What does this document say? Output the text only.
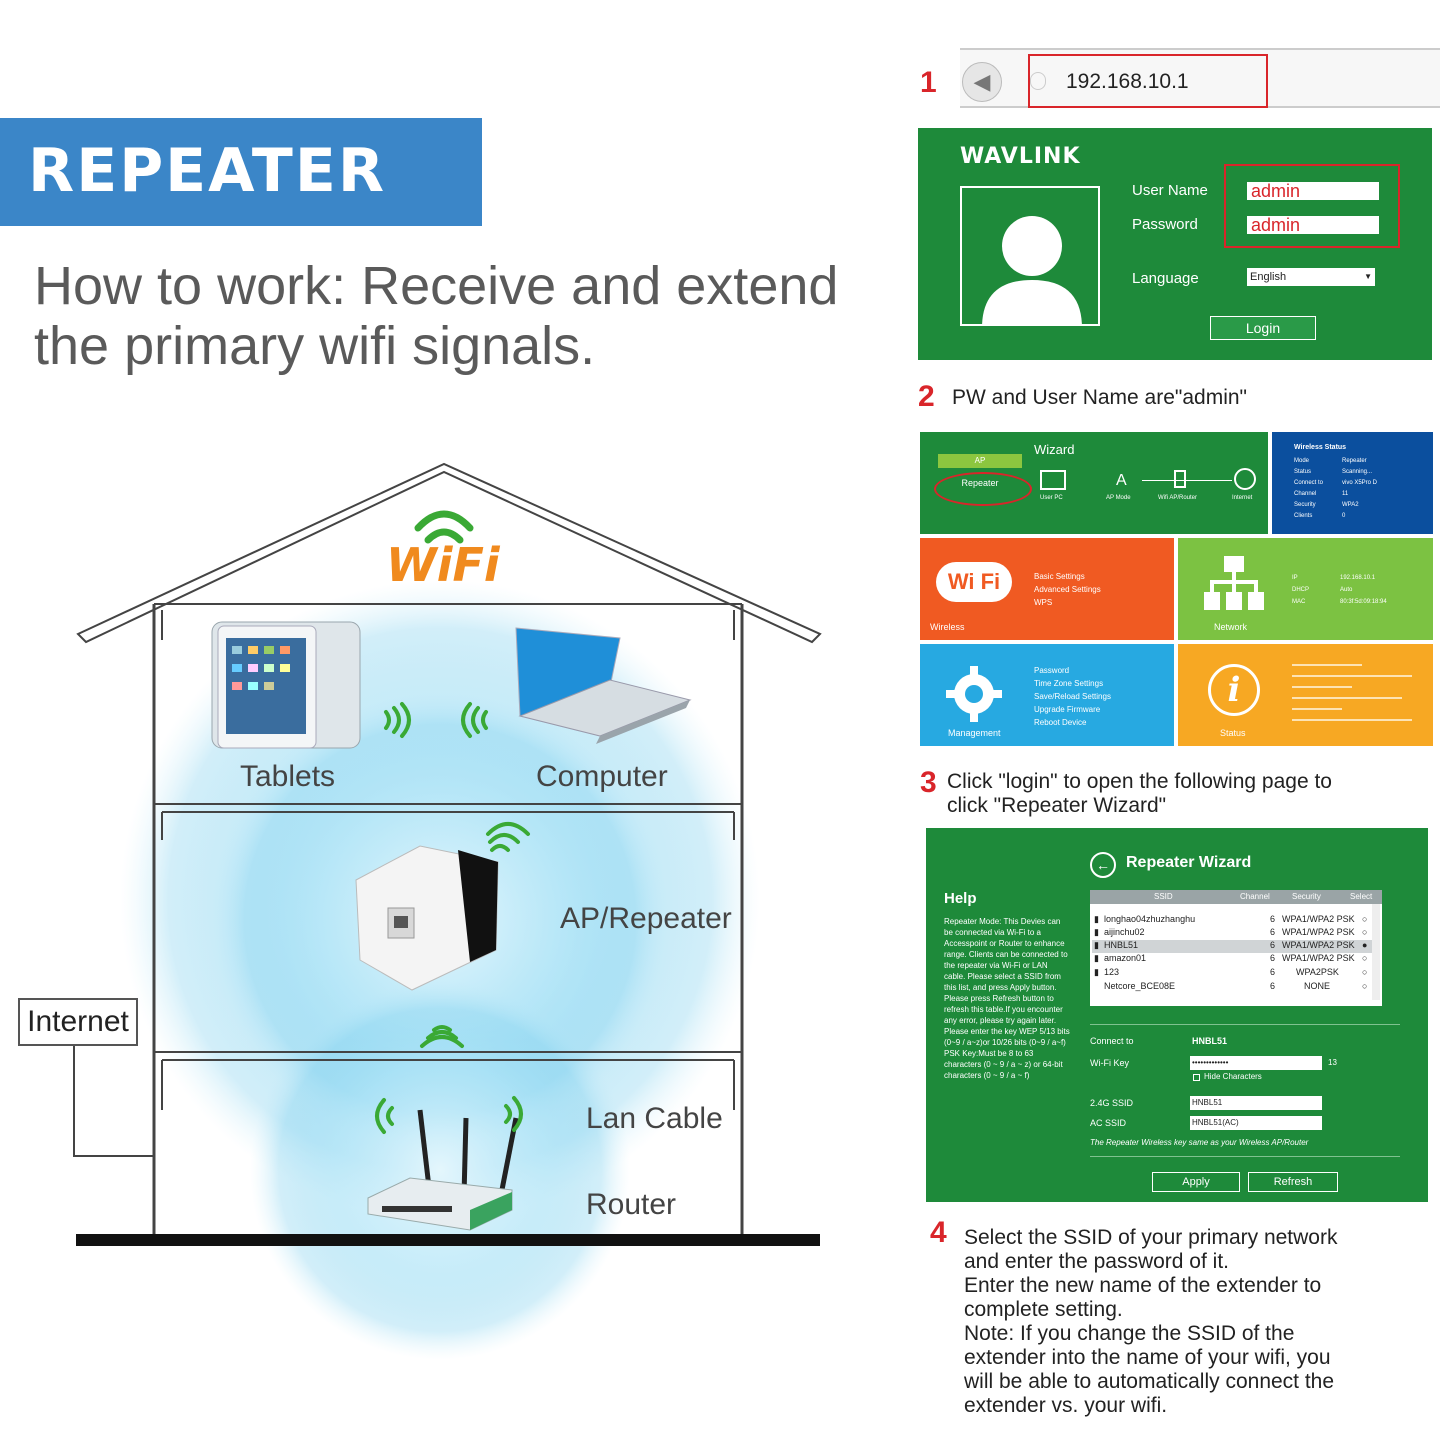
REPEATER
How to work: Receive and extend
the primary wifi signals.
WiFi
Tablets	Computer
AP/Repeater
Lan Cable
Router
Internet
1	◀	192.168.10.1
WAVLINK
User Name admin
Password	admin
Language	English	▼
Login
2 PW and User Name are"admin"
Wizard
AP
Repeater
User PC
A
AP Mode	Wifi AP/Router	Internet
Wireless Status
Mode	Repeater
Status	Scanning...
Connect to	vivo X5Pro D
Channel	11
Security	WPA2
Clients	0
Wi Fi	Basic Settings
Advanced Settings
WPS
Wireless
IP	192.168.10.1
DHCP	Auto
MAC	80:3f:5d:09:18:94
Network
Password
Time Zone Settings
Save/Reload Settings
Upgrade Firmware
Reboot Device
Management
i
Status
3 Click "login" to open the following page to
click "Repeater Wizard"
←	Repeater Wizard
Help
Repeater Mode: This Devies can be connected via Wi-Fi to a Accesspoint or Router to enhance range. Clients can be connected to the repeater via Wi-Fi or LAN cable. Please select a SSID from this list, and press Apply button. Please press Refresh button to refresh this table.If you encounter any error, please try again later. Please enter the key WEP 5/13 bits (0~9 / a~z)or 10/26 bits (0~9 / a~f) PSK Key:Must be 8 to 63 characters (0 ~ 9 / a ~ z) or 64-bit characters (0 ~ 9 / a ~ f)
SSID	Channel	Security	Select
▮ longhao04zhuzhanghu	6 WPA1/WPA2 PSK ○
▮ aijinchu02	6 WPA1/WPA2 PSK ○
▮ HNBL51	6 WPA1/WPA2 PSK ●
▮ amazon01	6 WPA1/WPA2 PSK ○
▮ 123	6 WPA2PSK	○
Netcore_BCE08E	6	NONE	○
Connect to	HNBL51
Wi-Fi Key	•••••••••••••	13
Hide Characters
2.4G SSID	HNBL51
AC SSID	HNBL51(AC)
The Repeater Wireless key same as your Wireless AP/Router
Apply	Refresh
4 Select the SSID of your primary network
and enter the password of it.
Enter the new name of the extender to
complete setting.
Note: If you change the SSID of the
extender into the name of your wifi, you
will be able to automatically connect the
extender vs. your wifi.
